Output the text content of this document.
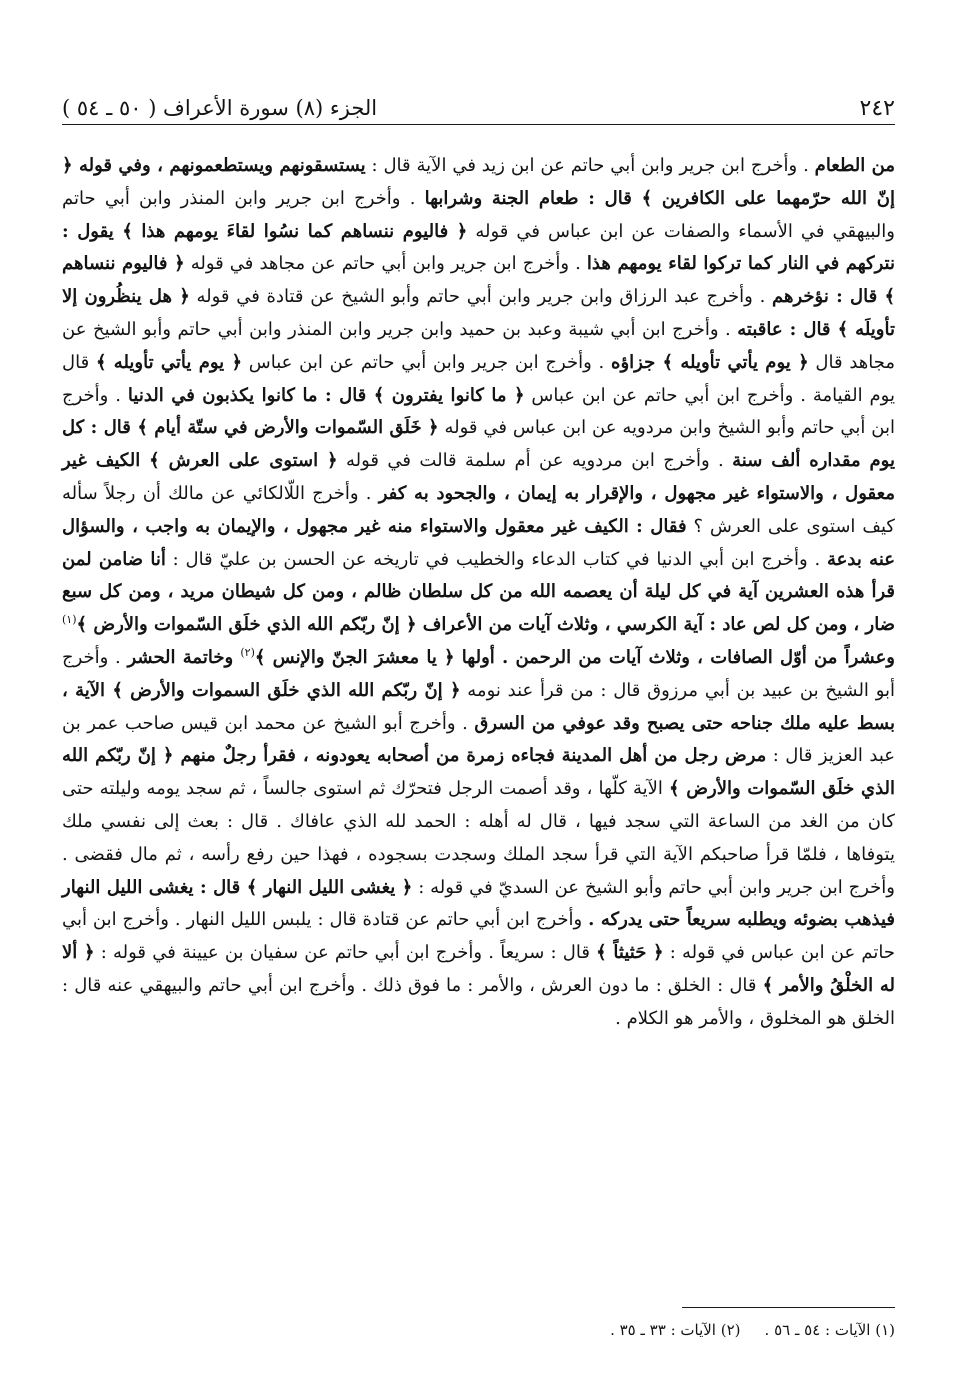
٢٤٢
الجزء (٨) سورة الأعراف ( ٥٠ ـ ٥٤ )

من الطعام . وأخرج ابن جرير وابن أبي حاتم عن ابن زيد في الآية قال : يستسقونهم ويستطعمونهم ، وفي قوله ﴿ إنّ الله حرّمهما على الكافرين ﴾ قال : طعام الجنة وشرابها . وأخرج ابن جرير وابن المنذر وابن أبي حاتم والبيهقي في الأسماء والصفات عن ابن عباس في قوله ﴿ فاليوم ننساهم كما نسُوا لقاءَ يومهم هذا ﴾ يقول : نتركهم في النار كما تركوا لقاء يومهم هذا . وأخرج ابن جرير وابن أبي حاتم عن مجاهد في قوله ﴿ فاليوم ننساهم ﴾ قال : نؤخرهم . وأخرج عبد الرزاق وابن جرير وابن أبي حاتم وأبو الشيخ عن قتادة في قوله ﴿ هل ينظُرون إلا تأويلَه ﴾ قال : عاقبته . وأخرج ابن أبي شيبة وعبد بن حميد وابن جرير وابن المنذر وابن أبي حاتم وأبو الشيخ عن مجاهد قال ﴿ يوم يأتي تأويله ﴾ جزاؤه . وأخرج ابن جرير وابن أبي حاتم عن ابن عباس ﴿ يوم يأتي تأويله ﴾ قال يوم القيامة . وأخرج ابن أبي حاتم عن ابن عباس ﴿ ما كانوا يفترون ﴾ قال : ما كانوا يكذبون في الدنيا . وأخرج ابن أبي حاتم وأبو الشيخ وابن مردويه عن ابن عباس في قوله ﴿ خَلَق السّموات والأرض في ستّة أيام ﴾ قال : كل يوم مقداره ألف سنة . وأخرج ابن مردويه عن أم سلمة قالت في قوله ﴿ استوى على العرش ﴾ الكيف غير معقول ، والاستواء غير مجهول ، والإقرار به إيمان ، والجحود به كفر . وأخرج اللّالكائي عن مالك أن رجلاً سأله كيف استوى على العرش ؟ فقال : الكيف غير معقول والاستواء منه غير مجهول ، والإيمان به واجب ، والسؤال عنه بدعة . وأخرج ابن أبي الدنيا في كتاب الدعاء والخطيب في تاريخه عن الحسن بن عليّ قال : أنا ضامن لمن قرأ هذه العشرين آية في كل ليلة أن يعصمه الله من كل سلطان ظالم ، ومن كل شيطان مريد ، ومن كل سبع ضار ، ومن كل لص عاد : آية الكرسي ، وثلاث آيات من الأعراف ﴿ إنّ ربّكم الله الذي خلَق السّموات والأرض ﴾$^{(١)}$ وعشراً من أوّل الصافات ، وثلاث آيات من الرحمن . أولها ﴿ يا معشرَ الجنّ والإنس ﴾$^{(٢)}$ وخاتمة الحشر . وأخرج أبو الشيخ بن عبيد بن أبي مرزوق قال : من قرأ عند نومه ﴿ إنّ ربّكم الله الذي خلَق السموات والأرض ﴾ الآية ، بسط عليه ملك جناحه حتى يصبح وقد عوفي من السرق . وأخرج أبو الشيخ عن محمد ابن قيس صاحب عمر بن عبد العزيز قال : مرض رجل من أهل المدينة فجاءه زمرة من أصحابه يعودونه ، فقرأ رجلٌ منهم ﴿ إنّ ربّكم الله الذي خلَق السّموات والأرض ﴾ الآية كلّها ، وقد أصمت الرجل فتحرّك ثم استوى جالساً ، ثم سجد يومه وليلته حتى كان من الغد من الساعة التي سجد فيها ، قال له أهله : الحمد لله الذي عافاك . قال : بعث إلى نفسي ملك يتوفاها ، فلمّا قرأ صاحبكم الآية التي قرأ سجد الملك وسجدت بسجوده ، فهذا حين رفع رأسه ، ثم مال فقضى . وأخرج ابن جرير وابن أبي حاتم وأبو الشيخ عن السديّ في قوله : ﴿ يغشى الليل النهار ﴾ قال : يغشى الليل النهار فيذهب بضوئه ويطلبه سريعاً حتى يدركه . وأخرج ابن أبي حاتم عن قتادة قال : يلبس الليل النهار . وأخرج ابن أبي حاتم عن ابن عباس في قوله : ﴿ حَثيثاً ﴾ قال : سريعاً . وأخرج ابن أبي حاتم عن سفيان بن عيينة في قوله : ﴿ ألا له الخلْقُ والأمر ﴾ قال : الخلق : ما دون العرش ، والأمر : ما فوق ذلك . وأخرج ابن أبي حاتم والبيهقي عنه قال : الخلق هو المخلوق ، والأمر هو الكلام .

(١) الآيات : ٥٤ ـ ٥٦ .(٢) الآيات : ٣٣ ـ ٣٥ .
